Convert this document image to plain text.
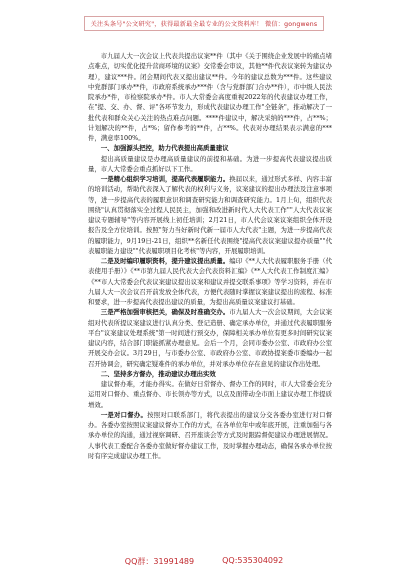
关注头条号"公文研究"，获得最新最全最专业的公文资料库！ 微信：gongwens

市九届人大一次会议上代表共提出议案**件（其中《关于围绕企业发展中的痛点堵点难点，切实优化提升营商环境的议案》交常委会审议，其他**件代表议案转为建议办理），建议***件。闭会期间代表又提出建议**件。今年的建议总数为***件。这些建议中党群部门承办**件，市政府系统承办***件（含与党群部门合办**件），市中级人民法院承办*件，市检察院承办*件。市人大常委会高度重视2022年的代表建议办理工作，在"提、交、办、督、评"各环节发力，形成代表建议办理工作"全链条"，推动解决了一批代表和群众关心关注的热点难点问题。****件建议中，解决采纳的***件，占**%；计划解决的**件，占*%；留作参考的**件，占**%。代表对办理结果表示满意的***件，满意率100%。

一、加强源头把控，助力代表提出高质量建议

提出高质量建议是办理高质量建议的前提和基础。为进一步提高代表建议提出质量，市人大常委会重点抓好以下工作。

一是精心组织学习培训，提高代表履职能力。换届以来，通过形式多样、内容丰富的培训活动，帮助代表深入了解代表的权利与义务，议案建议的提出办理法及注意事项等，进一步提高代表的履职意识和调查研究能力和调查研究能力。1月上旬，组织代表围绕"认真贯彻落实全过程人民民主，加强和改进新时代人大代表工作""人大代表议案建议专题辅导"等内容开展线上初任培训；2月21日，市人代会议案议案组织全体开设报告及全方位培训。按照"努力当好新时代新一届市人大代表"主题，为进一步提高代表的履职能力，9月19日-21日，组织**名新任代表围绕"提高代表议案建议提办质量""代表履职能力建设""代表履职项目化考核"等内容，开展履职培训。

二是及时编印履职资料，提升建议提出质量。编印《**人大代表履职服务手册（代表使用手册）》《**市第九届人民代表大会代表资料汇编》《**人大代表工作制度汇编》《**市人大常委会代表议案建议提出议案和建议并提交联系事项》等学习资料，并在市九届人大一次会议召开前发放全体代表，方便代表随时掌握议案建议提出的流程、标准和要求，进一步提高代表提出建议的质量，为提出高质量议案建议打基础。

三是严格加强审核把关，确保及时准确交办。市九届人大一次会议期间，大会议案组对代表所提议案建议进行认真分类、登记造册、确定承办单位，并通过代表履职服务平台"议案建议处理系统"第一时间进行预交办，保障相关承办单位有更多时间研究议案建议内容，结合部门职能抓紧办理意见。会后一个月，会同市委办公室、市政府办公室开展交办会议。3月29日，与市委办公室、市政府办公室、市政协提案委市委编办一起召开协调会，研究确定疑难件的承办单位，并对承办单位存在意见的建议作出处理。

二、坚持多方督办，推动建议办理出实效

建议督办难，才能办得实。在做好日常督办、督办工作的同时，市人大常委会充分运用对口督办、重点督办、市长领办等方式，以点及面带动全市面上建议办理工作提质增效。

一是对口督办。按照对口联系部门，将代表提出的建议分交各委办室进行对口督办。各委办室按照议案建议督办工作的方式，在各单位年中或年底开展，注重加强与各承办单位的沟通，通过视察调研、召开座谈会等方式及时跟踪督促建议办理进展情况。人事代表工委配合各委办室做好督办建议工作，及时掌握办理动态，确保各承办单位按时有序完成建议办理工作。

QQ群：31991489	QQ:535304092
